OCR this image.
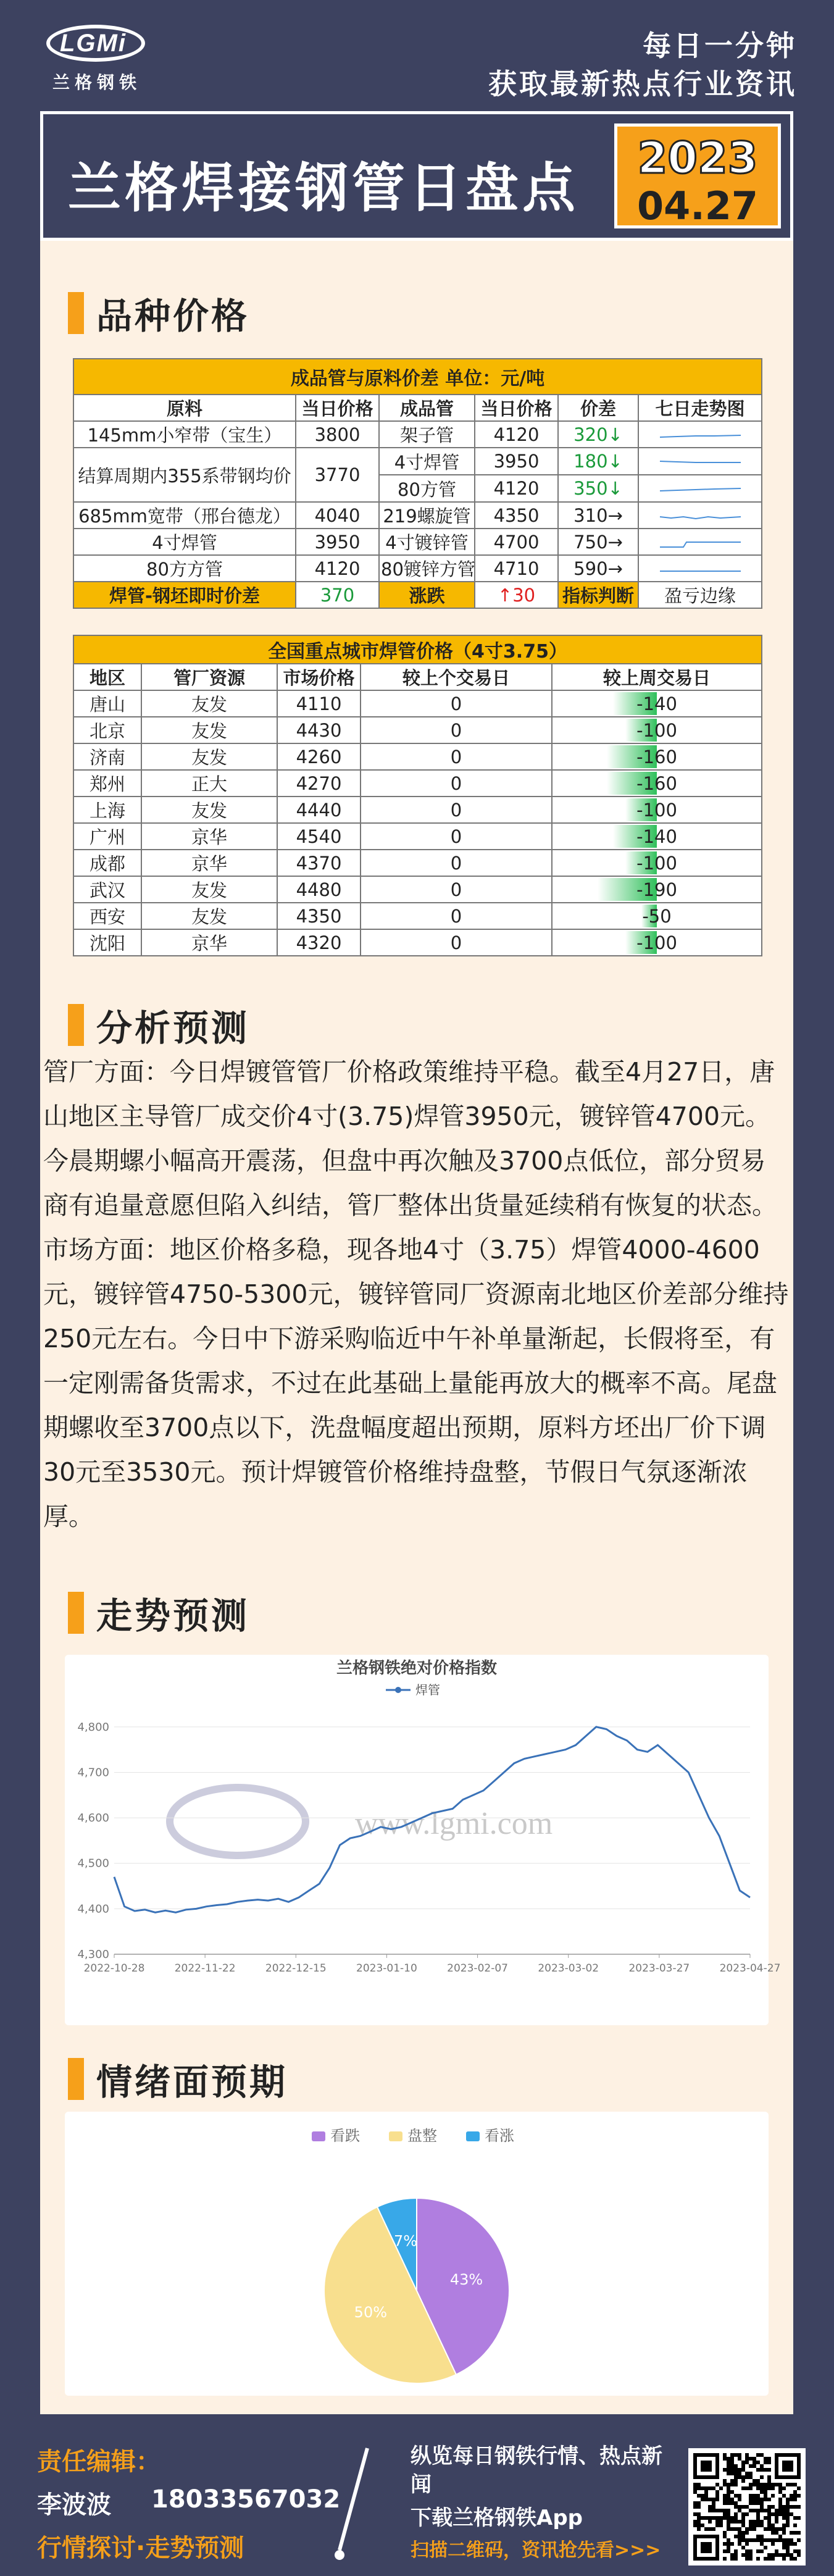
LGMi
兰格钢铁
每日一分钟
获取最新热点行业资讯
兰格焊接钢管日盘点	2023
04.27
品种价格
成品管与原料价差 单位：元/吨					
原料	当日价格	成品管	当日价格	价差	七日走势图
145mm小窄带（宝生）	3800	架子管	4120	320↓	
结算周期内355系带钢均价	3770	4寸焊管	3950	180↓	
		80方管	4120	350↓	
685mm宽带（邢台德龙）	4040	219螺旋管	4350	310→	
4寸焊管	3950	4寸镀锌管	4700	750→	
80方方管	4120	80镀锌方管	4710	590→	
焊管-钢坯即时价差	370	涨跌	↑30	指标判断	盈亏边缘
全国重点城市焊管价格（4寸3.75）				
地区	管厂资源	市场价格	较上个交易日	较上周交易日
唐山	友发	4110	0	-140
北京	友发	4430	0	-100
济南	友发	4260	0	-160
郑州	正大	4270	0	-160
上海	友发	4440	0	-100
广州	京华	4540	0	-140
成都	京华	4370	0	-100
武汉	友发	4480	0	-190
西安	友发	4350	0	-50
沈阳	京华	4320	0	-100
分析预测
管厂方面：今日焊镀管管厂价格政策维持平稳。截至4月27日，唐山地区主导管厂成交价4寸(3.75)焊管3950元，镀锌管4700元。今晨期螺小幅高开震荡，但盘中再次触及3700点低位，部分贸易商有追量意愿但陷入纠结，管厂整体出货量延续稍有恢复的状态。
市场方面：地区价格多稳，现各地4寸（3.75）焊管4000-4600元，镀锌管4750-5300元，镀锌管同厂资源南北地区价差部分维持250元左右。今日中下游采购临近中午补单量渐起，长假将至，有一定刚需备货需求，不过在此基础上量能再放大的概率不高。尾盘期螺收至3700点以下，洗盘幅度超出预期，原料方坯出厂价下调30元至3530元。预计焊镀管价格维持盘整，节假日气氛逐渐浓厚。
走势预测
兰格钢铁绝对价格指数
焊管
www.lgmi.com
4,300
4,400
4,500
4,600
4,700
4,800
2022-10-28	2022-11-22	2022-12-15	2023-01-10	2023-02-07	2023-03-02	2023-03-27	2023-04-27
情绪面预期
看跌	盘整	看涨
43%
50%
7%
责任编辑：
李波波 18033567032
行情探讨·走势预测
纵览每日钢铁行情、热点新闻
下载兰格钢铁App
扫描二维码，资讯抢先看>>>
